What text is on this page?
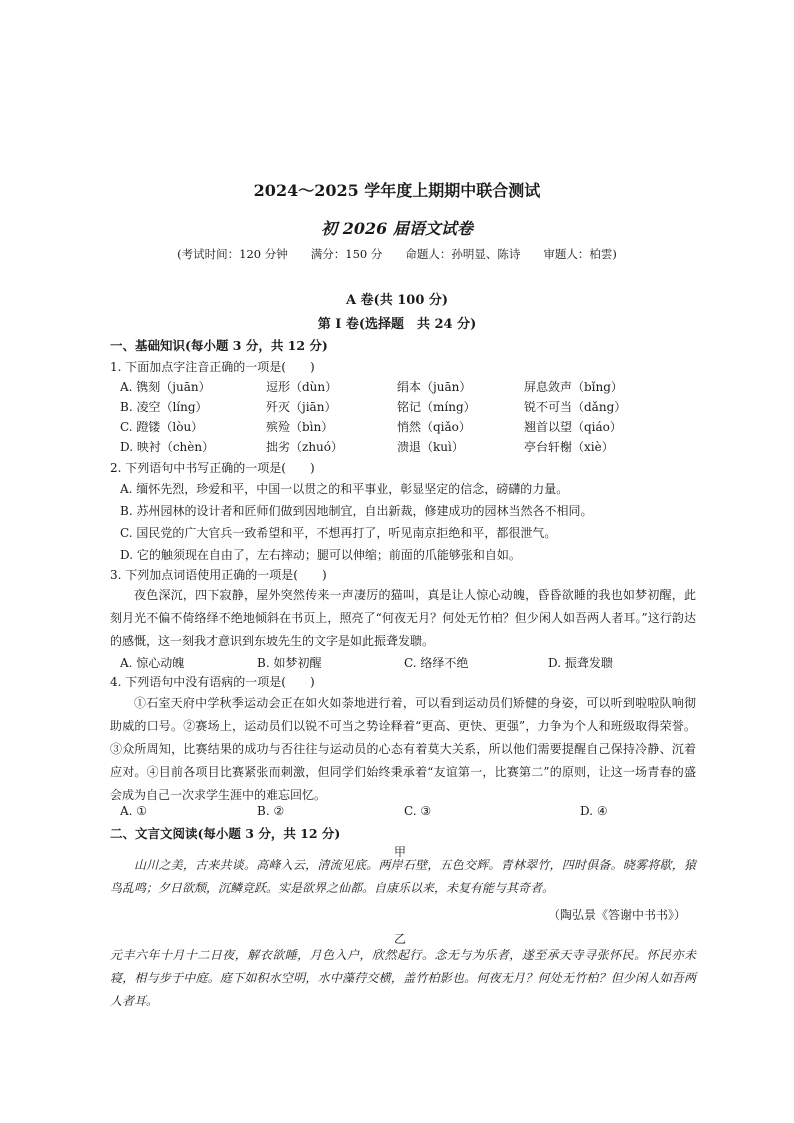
2024～2025 学年度上期期中联合测试
初 2026 届语文试卷
(考试时间：120 分钟　　满分：150 分　　命题人：孙明显、陈诗　　审题人：柏雲)
A 卷(共 100 分)
第 I 卷(选择题　共 24 分)
一、基础知识(每小题 3 分，共 12 分)
1. 下面加点字注音正确的一项是(　　)
A. 镌刻（juān）	逗形（dùn）	绢本（juān）	屏息敛声（bǐng）
B. 凌空（líng）	歼灭（jiān）	铭记（míng）	锐不可当（dǎng）
C. 蹬镂（lòu）	殡殓（bìn）	悄然（qiǎo）	翘首以望（qiáo）
D. 映衬（chèn）	拙劣（zhuó）	溃退（kuì）	亭台轩榭（xiè）
2. 下列语句中书写正确的一项是(　　)
A. 缅怀先烈，珍爱和平，中国一以贯之的和平事业，彰显坚定的信念，磅礴的力量。
B. 苏州园林的设计者和匠师们做到因地制宜，自出新裁，修建成功的园林当然各不相同。
C. 国民党的广大官兵一致希望和平，不想再打了，听见南京拒绝和平，都很泄气。
D. 它的触须现在自由了，左右摔动；腿可以伸缩；前面的爪能够张和自如。
3. 下列加点词语使用正确的一项是(　　)

夜色深沉，四下寂静，屋外突然传来一声凄厉的猫叫，真是让人惊心动魄，昏昏欲睡的我也如梦初醒，此刻月光不偏不倚络绎不绝地倾斜在书页上，照亮了“何夜无月？何处无竹柏？但少闲人如吾两人者耳。”这行韵达的感慨，这一刻我才意识到东坡先生的文字是如此振聋发聩。

A. 惊心动魄	B. 如梦初醒	C. 络绎不绝	D. 振聋发聩
4. 下列语句中没有语病的一项是(　　)

①石室天府中学秋季运动会正在如火如荼地进行着，可以看到运动员们矫健的身姿，可以听到啦啦队响彻助威的口号。②赛场上，运动员们以锐不可当之势诠释着“更高、更快、更强”，力争为个人和班级取得荣誉。③众所周知，比赛结果的成功与否往往与运动员的心态有着莫大关系，所以他们需要提醒自己保持冷静、沉着应对。④目前各项目比赛紧张而刺激，但同学们始终秉承着“友谊第一，比赛第二”的原则，让这一场青春的盛会成为自己一次求学生涯中的难忘回忆。

A. ①	B. ②	C. ③	D. ④
二、文言文阅读(每小题 3 分，共 12 分)
甲

山川之美，古来共谈。高峰入云，清流见底。两岸石壁，五色交辉。青林翠竹，四时俱备。晓雾将歇，猿鸟乱鸣；夕日欲颓，沉鳞竞跃。实是欲界之仙都。自康乐以来，未复有能与其奇者。

（陶弘景《答谢中书书》）
乙

元丰六年十月十二日夜，解衣欲睡，月色入户，欣然起行。念无与为乐者，遂至承天寺寻张怀民。怀民亦未寝，相与步于中庭。庭下如积水空明，水中藻荇交横，盖竹柏影也。何夜无月？何处无竹柏？但少闲人如吾两人者耳。
